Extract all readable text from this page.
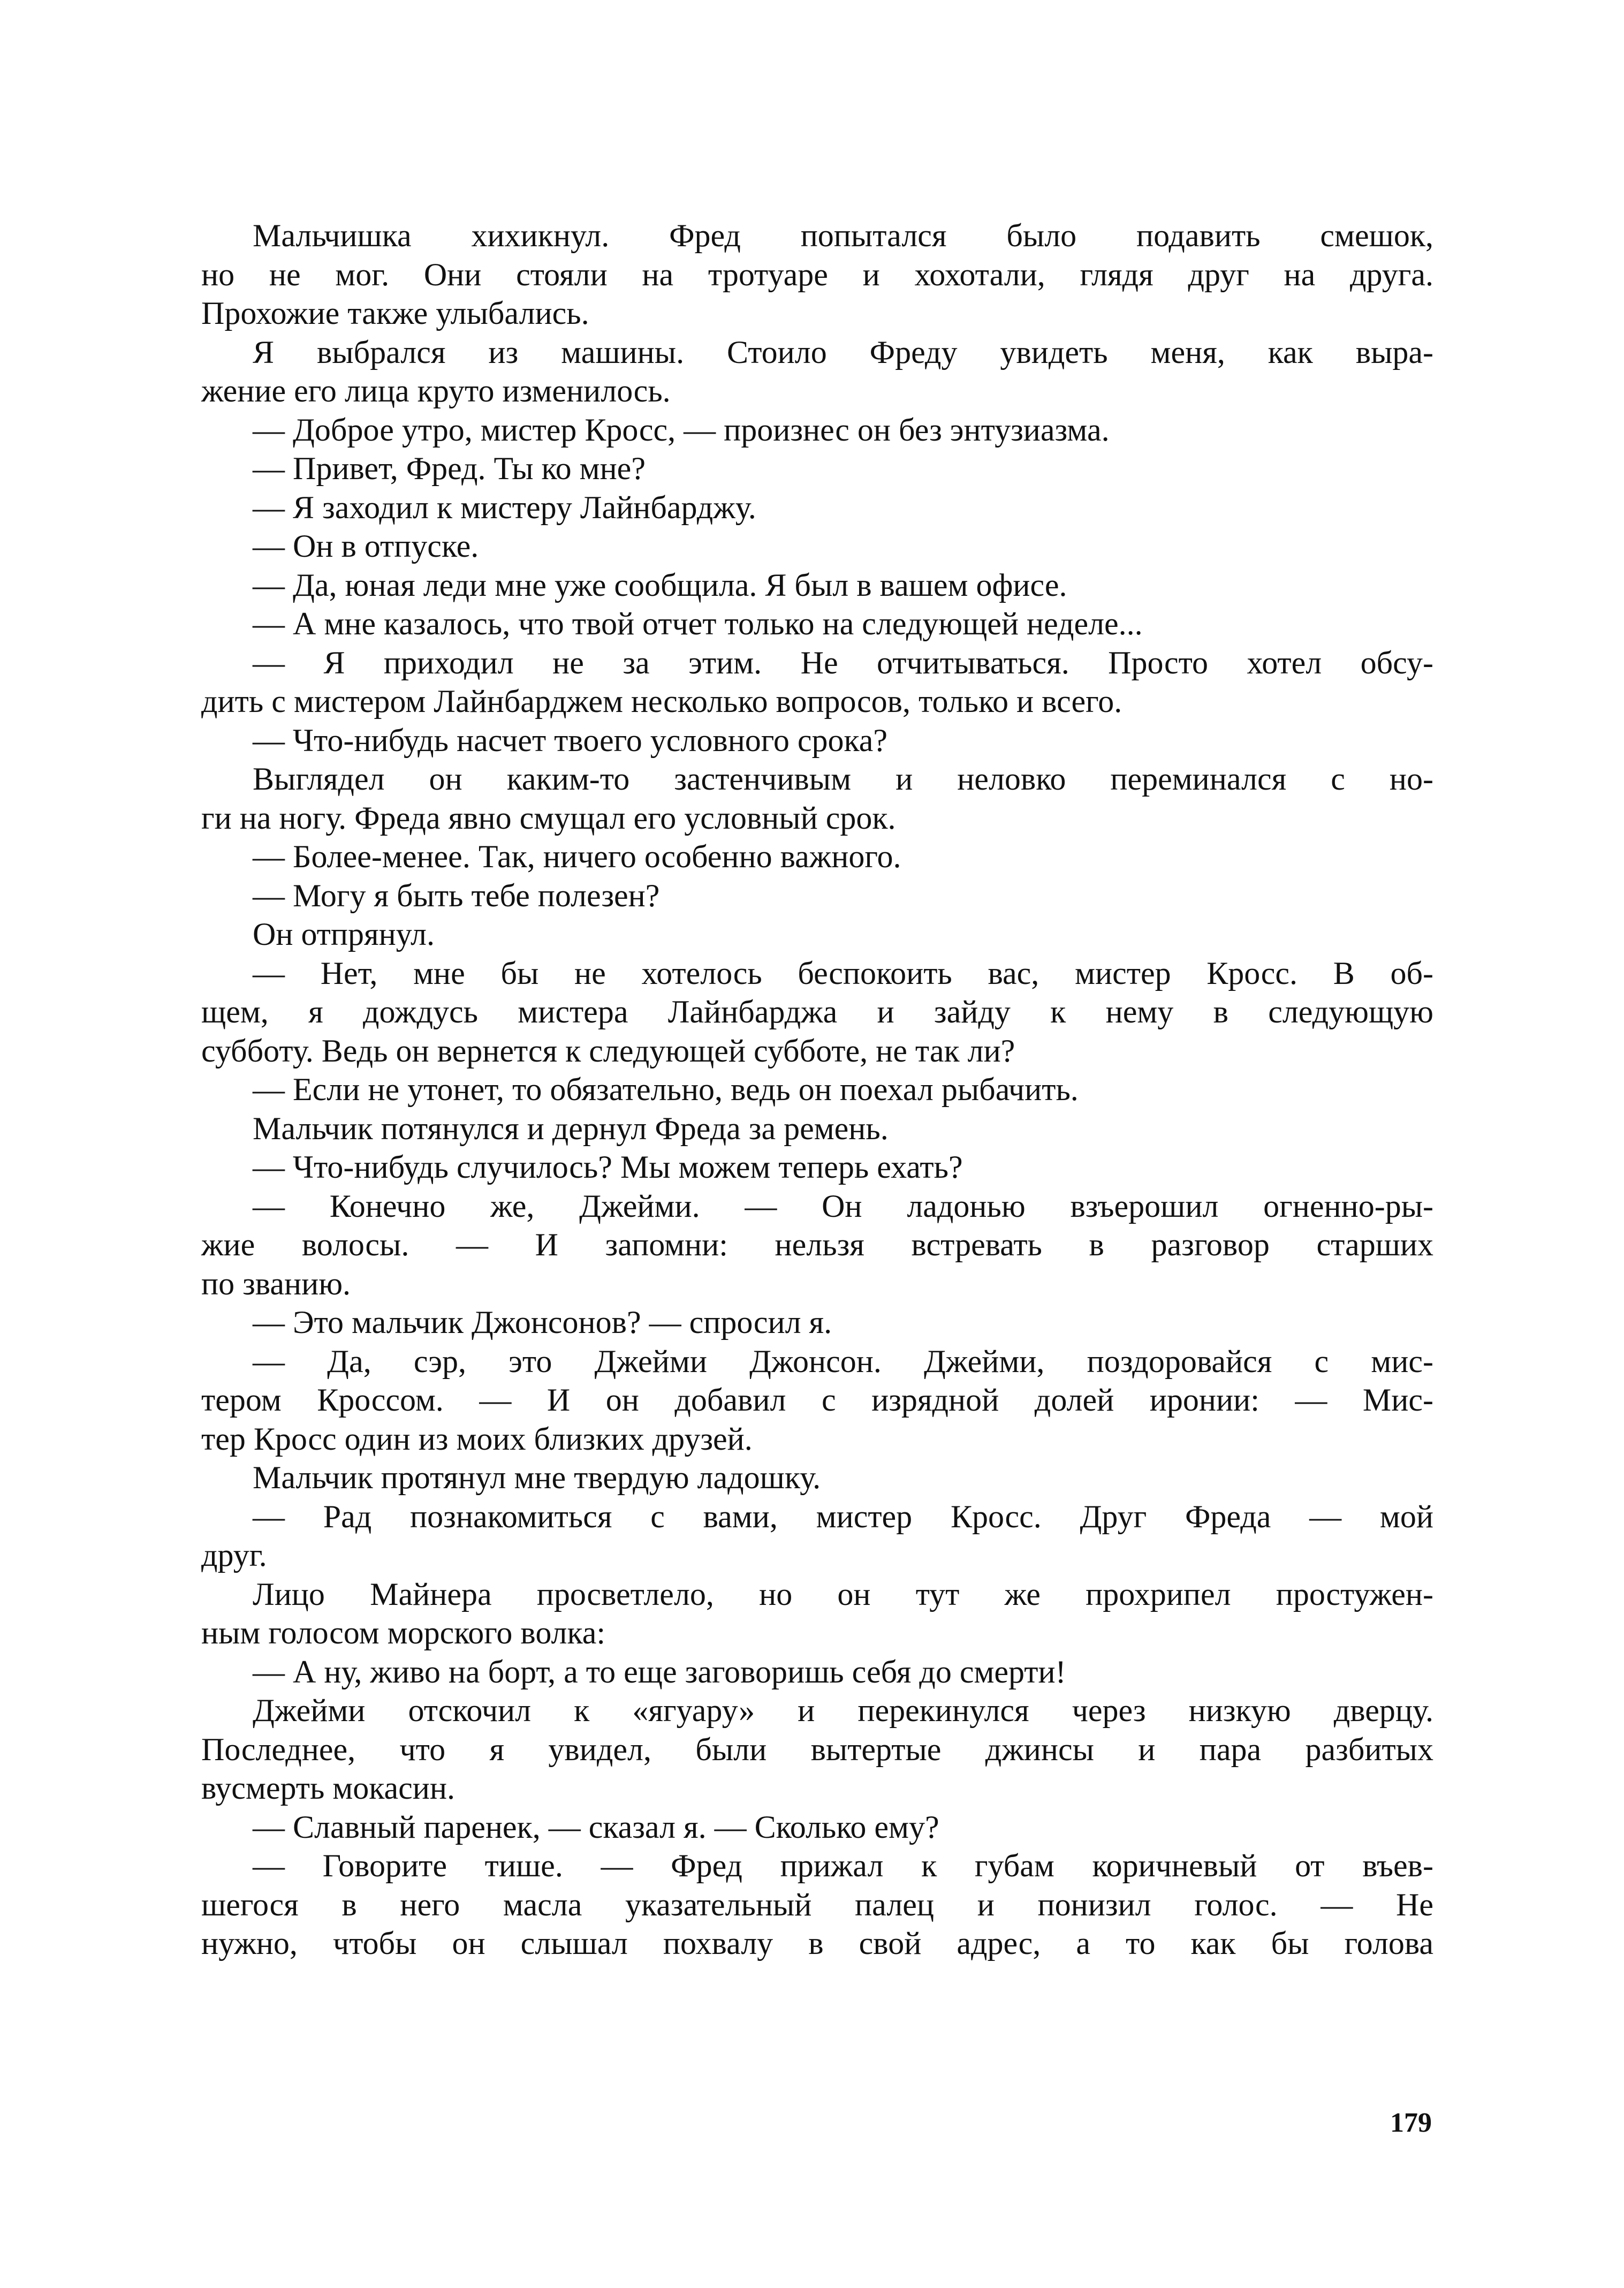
Мальчишка хихикнул. Фред попытался было подавить смешок,
но не мог. Они стояли на тротуаре и хохотали, глядя друг на друга.
Прохожие также улыбались.
Я выбрался из машины. Стоило Фреду увидеть меня, как выра-
жение его лица круто изменилось.
— Доброе утро, мистер Кросс, — произнес он без энтузиазма.
— Привет, Фред. Ты ко мне?
— Я заходил к мистеру Лайнбарджу.
— Он в отпуске.
— Да, юная леди мне уже сообщила. Я был в вашем офисе.
— А мне казалось, что твой отчет только на следующей неделе...
— Я приходил не за этим. Не отчитываться. Просто хотел обсу-
дить с мистером Лайнбарджем несколько вопросов, только и всего.
— Что-нибудь насчет твоего условного срока?
Выглядел он каким-то застенчивым и неловко переминался с но-
ги на ногу. Фреда явно смущал его условный срок.
— Более-менее. Так, ничего особенно важного.
— Могу я быть тебе полезен?
Он отпрянул.
— Нет, мне бы не хотелось беспокоить вас, мистер Кросс. В об-
щем, я дождусь мистера Лайнбарджа и зайду к нему в следующую
субботу. Ведь он вернется к следующей субботе, не так ли?
— Если не утонет, то обязательно, ведь он поехал рыбачить.
Мальчик потянулся и дернул Фреда за ремень.
— Что-нибудь случилось? Мы можем теперь ехать?
— Конечно же, Джейми. — Он ладонью взъерошил огненно-ры-
жие волосы. — И запомни: нельзя встревать в разговор старших
по званию.
— Это мальчик Джонсонов? — спросил я.
— Да, сэр, это Джейми Джонсон. Джейми, поздоровайся с мис-
тером Кроссом. — И он добавил с изрядной долей иронии: — Мис-
тер Кросс один из моих близких друзей.
Мальчик протянул мне твердую ладошку.
— Рад познакомиться с вами, мистер Кросс. Друг Фреда — мой
друг.
Лицо Майнера просветлело, но он тут же прохрипел простужен-
ным голосом морского волка:
— А ну, живо на борт, а то еще заговоришь себя до смерти!
Джейми отскочил к «ягуару» и перекинулся через низкую дверцу.
Последнее, что я увидел, были вытертые джинсы и пара разбитых
вусмерть мокасин.
— Славный паренек, — сказал я. — Сколько ему?
— Говорите тише. — Фред прижал к губам коричневый от въев-
шегося в него масла указательный палец и понизил голос. — Не
нужно, чтобы он слышал похвалу в свой адрес, а то как бы голова
179
